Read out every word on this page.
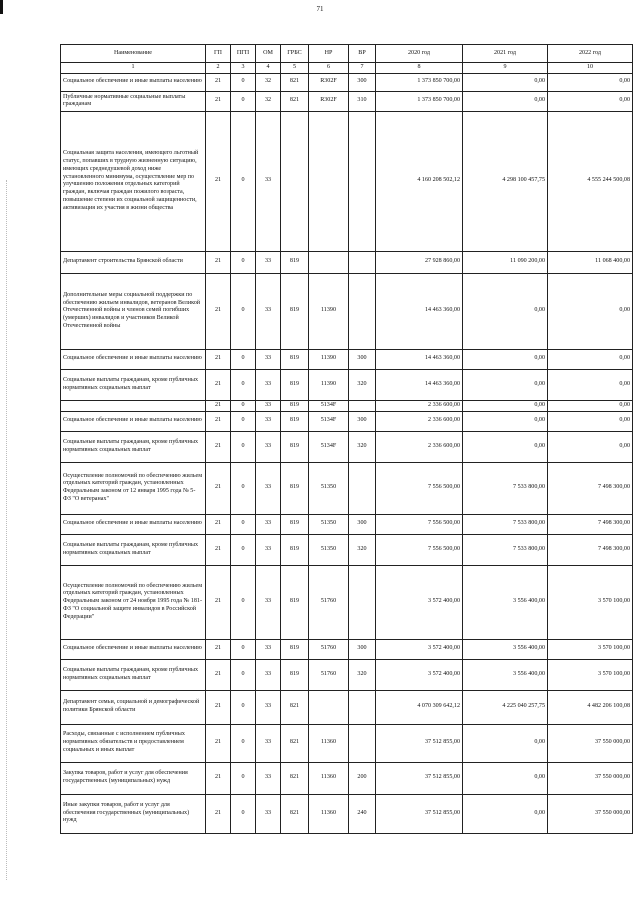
71
Наименование	ГП	ПГП	ОМ	ГРБС	НР	ВР	2020 год	2021 год	2022 год
1	2	3	4	5	6	7	8	9	10
Социальное обеспечение и иные выплаты населению	21	0	32	821	R302F	300	1 373 850 700,00	0,00	0,00
Публичные нормативные социальные выплаты гражданам	21	0	32	821	R302F	310	1 373 850 700,00	0,00	0,00
Социальная защита населения, имеющего льготный статус, попавших в трудную жизненную ситуацию, имеющих среднедушевой доход ниже установленного минимума, осуществление мер по улучшению положения отдельных категорий граждан, включая граждан пожилого возраста, повышение степени их социальной защищенности, активизация их участия в жизни общества	21	0	33				4 160 208 502,12	4 298 100 457,75	4 555 244 500,08
Департамент строительства Брянской области	21	0	33	819			27 928 860,00	11 090 200,00	11 068 400,00
Дополнительные меры социальной поддержки по обеспечению жильем инвалидов, ветеранов Великой Отечественной войны и членов семей погибших (умерших) инвалидов и участников Великой Отечественной войны	21	0	33	819	11390		14 463 360,00	0,00	0,00
Социальное обеспечение и иные выплаты населению	21	0	33	819	11390	300	14 463 360,00	0,00	0,00
Социальные выплаты гражданам, кроме публичных нормативных социальных выплат	21	0	33	819	11390	320	14 463 360,00	0,00	0,00
	21	0	33	819	5134F		2 336 600,00	0,00	0,00
Социальное обеспечение и иные выплаты населению	21	0	33	819	5134F	300	2 336 600,00	0,00	0,00
Социальные выплаты гражданам, кроме публичных нормативных социальных выплат	21	0	33	819	5134F	320	2 336 600,00	0,00	0,00
Осуществление полномочий по обеспечению жильем отдельных категорий граждан, установленных Федеральным законом от 12 января 1995 года № 5-ФЗ "О ветеранах"	21	0	33	819	51350		7 556 500,00	7 533 800,00	7 498 300,00
Социальное обеспечение и иные выплаты населению	21	0	33	819	51350	300	7 556 500,00	7 533 800,00	7 498 300,00
Социальные выплаты гражданам, кроме публичных нормативных социальных выплат	21	0	33	819	51350	320	7 556 500,00	7 533 800,00	7 498 300,00
Осуществление полномочий по обеспечению жильем отдельных категорий граждан, установленных Федеральным законом от 24 ноября 1995 года № 181-ФЗ "О социальной защите инвалидов в Российской Федерации"	21	0	33	819	51760		3 572 400,00	3 556 400,00	3 570 100,00
Социальное обеспечение и иные выплаты населению	21	0	33	819	51760	300	3 572 400,00	3 556 400,00	3 570 100,00
Социальные выплаты гражданам, кроме публичных нормативных социальных выплат	21	0	33	819	51760	320	3 572 400,00	3 556 400,00	3 570 100,00
Департамент семьи, социальной и демографической политики Брянской области	21	0	33	821			4 070 309 642,12	4 225 040 257,75	4 482 206 100,08
Расходы, связанные с исполнением публичных нормативных обязательств и предоставлением социальных и иных выплат	21	0	33	821	11360		37 512 855,00	0,00	37 550 000,00
Закупка товаров, работ и услуг для обеспечения государственных (муниципальных) нужд	21	0	33	821	11360	200	37 512 855,00	0,00	37 550 000,00
Иные закупки товаров, работ и услуг для обеспечения государственных (муниципальных) нужд	21	0	33	821	11360	240	37 512 855,00	0,00	37 550 000,00
